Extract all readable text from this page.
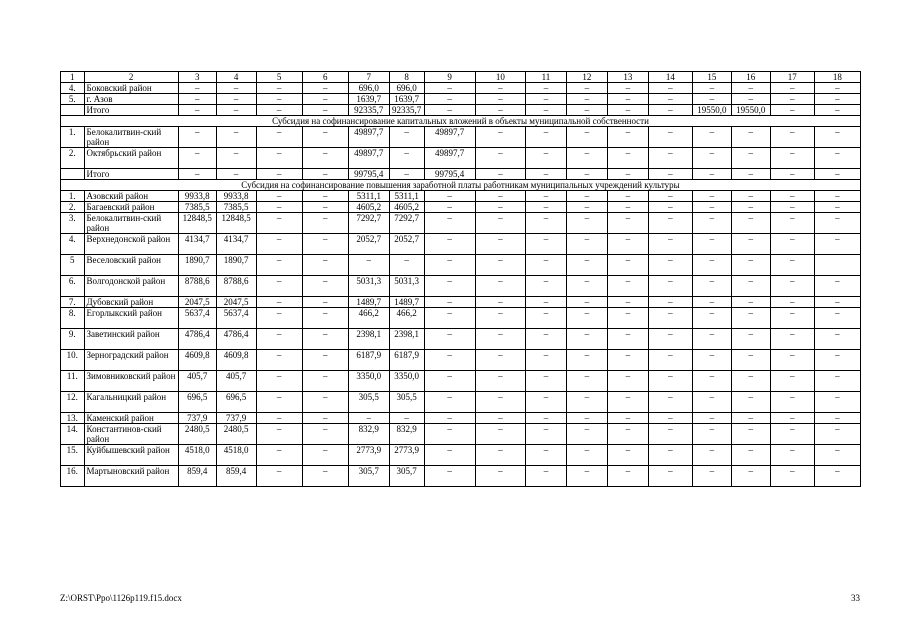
1	2	3	4	5	6	7	8	9	10	11	12	13	14	15	16	17	18
4.	Боковский район	–	–	–	–	696,0	696,0	–	–	–	–	–	–	–	–	–	–
5.	г. Азов	–	–	–	–	1639,7	1639,7	–	–	–	–	–	–	–	–	–	–
	Итого	–	–	–	–	92335,7	92335,7	–	–	–	–	–	–	19550,0	19550,0	–	–
Субсидия на софинансирование капитальных вложений в объекты муниципальной собственности																	
1.	Белокалитвин-ский район	–	–	–	–	49897,7	–	49897,7	–	–	–	–	–	–	–	–	–
2.	Октябрьский район	–	–	–	–	49897,7	–	49897,7	–	–	–	–	–	–	–	–	–
	Итого	–	–	–	–	99795,4	–	99795,4	–	–	–	–	–	–	–	–	–
Субсидия на софинансирование повышения заработной платы работникам муниципальных учреждений культуры																	
1.	Азовский район	9933,8	9933,8	–	–	5311,1	5311,1	–	–	–	–	–	–	–	–	–	–
2.	Багаевский район	7385,5	7385,5	–	–	4605,2	4605,2	–	–	–	–	–	–	–	–	–	–
3.	Белокалитвин-ский район	12848,5	12848,5	–	–	7292,7	7292,7	–	–	–	–	–	–	–	–	–	–
4.	Верхнедонской район	4134,7	4134,7	–	–	2052,7	2052,7	–	–	–	–	–	–	–	–	–	–
5	Веселовский район	1890,7	1890,7	–	–	–	–	–	–	–	–	–	–	–	–	–	
6.	Волгодонской район	8788,6	8788,6	–	–	5031,3	5031,3	–	–	–	–	–	–	–	–	–	–
7.	Дубовский район	2047,5	2047,5	–	–	1489,7	1489,7	–	–	–	–	–	–	–	–	–	–
8.	Егорлыкский район	5637,4	5637,4	–	–	466,2	466,2	–	–	–	–	–	–	–	–	–	–
9.	Заветинский район	4786,4	4786,4	–	–	2398,1	2398,1	–	–	–	–	–	–	–	–	–	–
10.	Зерноградский район	4609,8	4609,8	–	–	6187,9	6187,9	–	–	–	–	–	–	–	–	–	–
11.	Зимовниковский район	405,7	405,7	–	–	3350,0	3350,0	–	–	–	–	–	–	–	–	–	–
12.	Кагальницкий район	696,5	696,5	–	–	305,5	305,5	–	–	–	–	–	–	–	–	–	–
13.	Каменский район	737,9	737,9	–	–	–	–	–	–	–	–	–	–	–	–	–	–
14.	Константинов-ский район	2480,5	2480,5	–	–	832,9	832,9	–	–	–	–	–	–	–	–	–	–
15.	Куйбышевский район	4518,0	4518,0	–	–	2773,9	2773,9	–	–	–	–	–	–	–	–	–	–
16.	Мартыновский район	859,4	859,4	–	–	305,7	305,7	–	–	–	–	–	–	–	–	–	–
Z:\ORST\Ppo\1126p119.f15.docx	33
